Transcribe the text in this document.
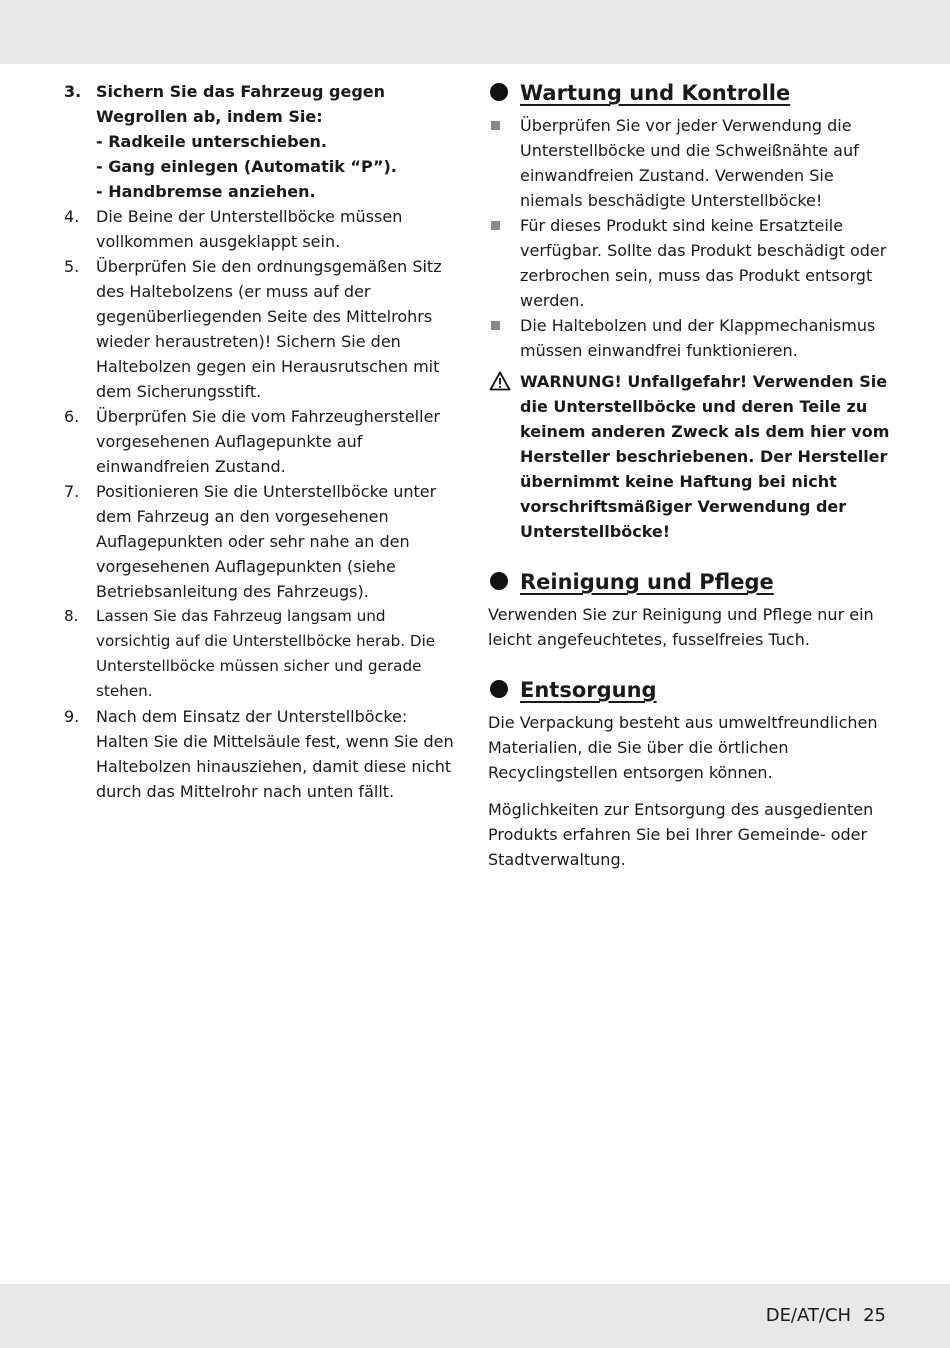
3. Sichern Sie das Fahrzeug gegen Wegrollen ab, indem Sie:
- Radkeile unterschieben.
- Gang einlegen (Automatik “P”).
- Handbremse anziehen.
4. Die Beine der Unterstellböcke müssen vollkommen ausgeklappt sein.
5. Überprüfen Sie den ordnungsgemäßen Sitz des Haltebolzens (er muss auf der gegenüberliegenden Seite des Mittelrohrs wieder heraustreten)! Sichern Sie den Haltebolzen gegen ein Herausrutschen mit dem Sicherungsstift.
6. Überprüfen Sie die vom Fahrzeughersteller vorgesehenen Auflagepunkte auf einwandfreien Zustand.
7. Positionieren Sie die Unterstellböcke unter dem Fahrzeug an den vorgesehenen Auflagepunkten oder sehr nahe an den vorgesehenen Auflagepunkten (siehe Betriebsanleitung des Fahrzeugs).
8. Lassen Sie das Fahrzeug langsam und vorsichtig auf die Unterstellböcke herab. Die Unterstellböcke müssen sicher und gerade stehen.
9. Nach dem Einsatz der Unterstellböcke: Halten Sie die Mittelsäule fest, wenn Sie den Haltebolzen hinausziehen, damit diese nicht durch das Mittelrohr nach unten fällt.
Wartung und Kontrolle
Überprüfen Sie vor jeder Verwendung die Unterstellböcke und die Schweißnähte auf einwandfreien Zustand. Verwenden Sie niemals beschädigte Unterstellböcke!
Für dieses Produkt sind keine Ersatzteile verfügbar. Sollte das Produkt beschädigt oder zerbrochen sein, muss das Produkt entsorgt werden.
Die Haltebolzen und der Klappmechanismus müssen einwandfrei funktionieren.
WARNUNG! Unfallgefahr! Verwenden Sie die Unterstellböcke und deren Teile zu keinem anderen Zweck als dem hier vom Hersteller beschriebenen. Der Hersteller übernimmt keine Haftung bei nicht vorschriftsmäßiger Verwendung der Unterstellböcke!
Reinigung und Pflege
Verwenden Sie zur Reinigung und Pflege nur ein leicht angefeuchtetes, fusselfreies Tuch.
Entsorgung
Die Verpackung besteht aus umweltfreundlichen Materialien, die Sie über die örtlichen Recyclingstellen entsorgen können.
Möglichkeiten zur Entsorgung des ausgedienten Produkts erfahren Sie bei Ihrer Gemeinde- oder Stadtverwaltung.
DE/AT/CH 25
